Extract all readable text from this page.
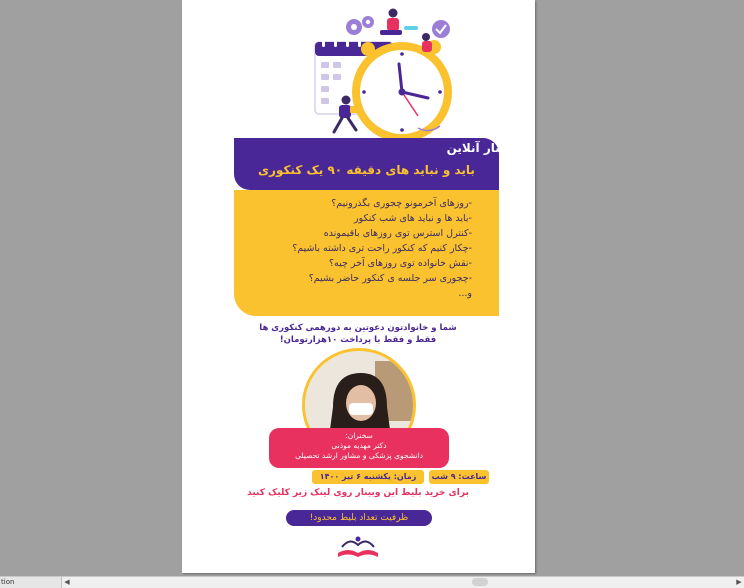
وبینار آنلاین
باید و نباید های دقیقه ۹۰ یک کنکوری
-روزهای آخرمونو چجوری بگذرونیم؟
-باید ها و نباید های شب کنکور
-کنترل استرس توی روزهای باقیمونده
-چکار کنیم که کنکور راحت تری داشته باشیم؟
-نقش خانواده توی روزهای آخر چیه؟
-چجوری سر جلسه ی کنکور حاضر بشیم؟
و...
شما و خانوادتون دعوتین به دورهمی کنکوری ها
فقط و فقط با پرداخت ۱۰هزارتومان!
سخنران:
دکتر مهدیه موذنی
دانشجوی پزشکی و مشاور ارشد تحصیلی
زمان: یکشنبه ۶ تیر ۱۴۰۰	ساعت: ۹ شب
برای خرید بلیط این وبینار روی لینک زیر کلیک کنید
ظرفیت تعداد بلیط محدود!
tion	◀	▶
